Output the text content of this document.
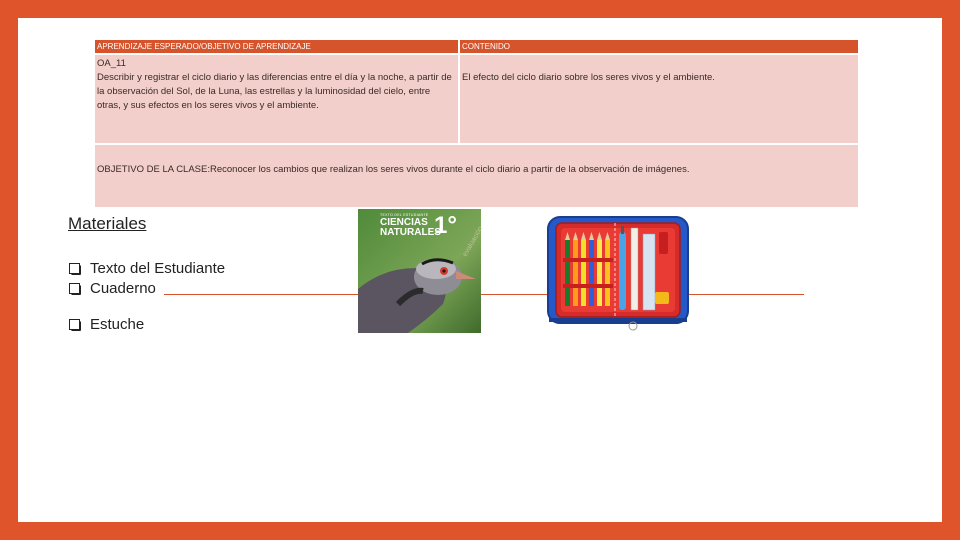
APRENDIZAJE ESPERADO/OBJETIVO DE APRENDIZAJE	CONTENIDO

OA_11
Describir y registrar el ciclo diario y las diferencias entre el día y la noche, a partir de la observación del Sol, de la Luna, las estrellas y la luminosidad del cielo, entre otras, y sus efectos en los seres vivos y el ambiente.	El efecto del ciclo diario sobre los seres vivos y el ambiente.
OBJETIVO DE LA CLASE:Reconocer los cambios que realizan los seres vivos durante el ciclo diario a partir de la observación de imágenes.	
Materiales
Texto del Estudiante
Cuaderno
Estuche
evaluación
TEXTO DEL ESTUDIANTE
CIENCIAS
NATURALES
1°
